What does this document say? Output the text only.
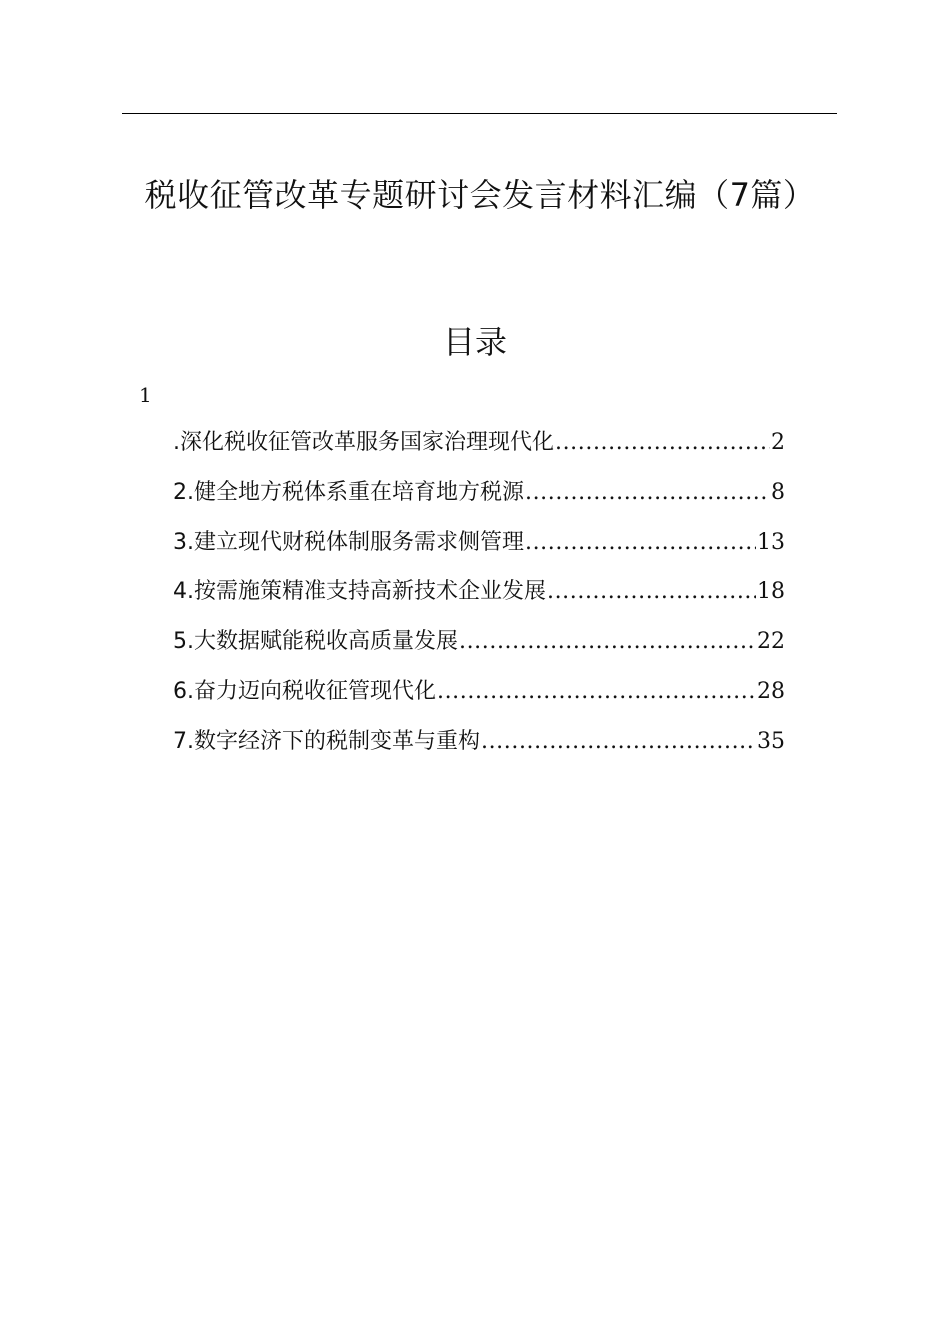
税收征管改革专题研讨会发言材料汇编（7篇）
目录
1
.深化税收征管改革服务国家治理现代化 .....	2
2.健全地方税体系重在培育地方税源 .....	8
3.建立现代财税体制服务需求侧管理 .....	13
4.按需施策精准支持高新技术企业发展 .....	18
5.大数据赋能税收高质量发展 .....	22
6.奋力迈向税收征管现代化 .....	28
7.数字经济下的税制变革与重构 .....	35
